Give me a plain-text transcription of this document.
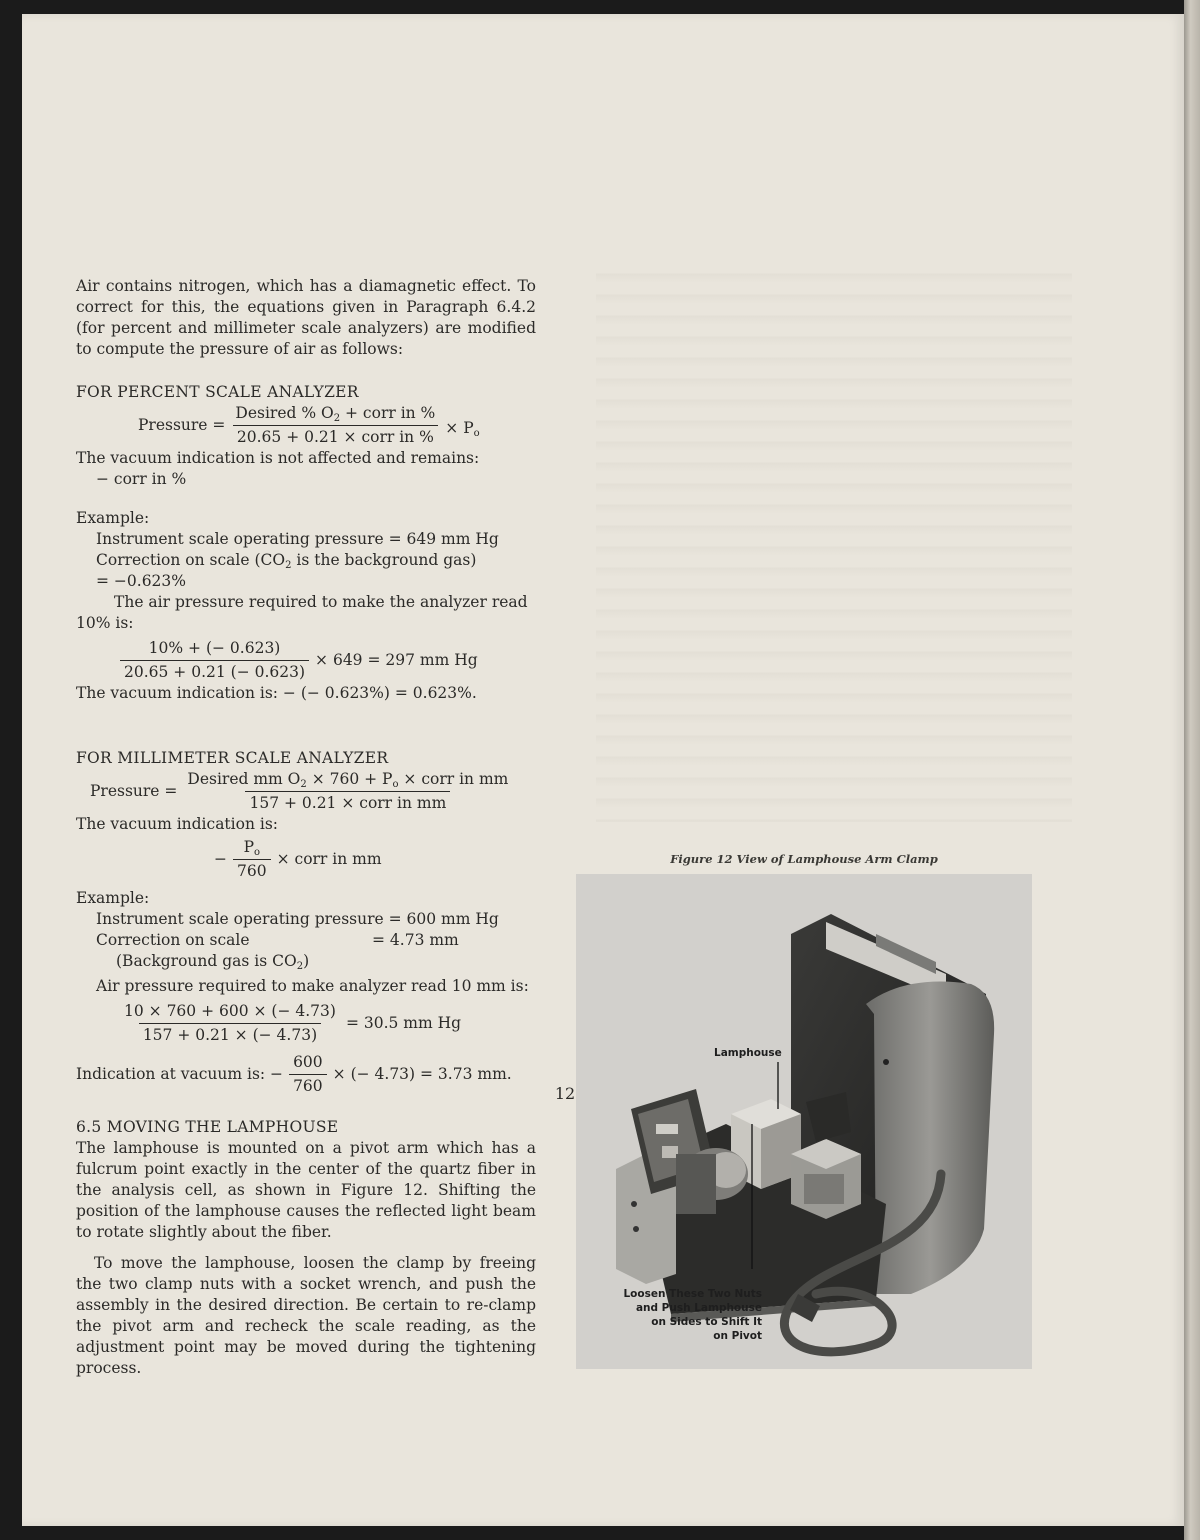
Air contains nitrogen, which has a diamagnetic effect. To correct for this, the equations given in Paragraph 6.4.2 (for percent and millimeter scale analyzers) are modified to compute the pressure of air as follows:

FOR PERCENT SCALE ANALYZER

Pressure = $\frac{Desired \% O_2 + corr in \%}{\text{20.65 + 0.21 × corr in \%}} \times P_o$

The vacuum indication is not affected and remains:

− corr in %

Example:

Instrument scale operating pressure = 649 mm Hg

Correction on scale ($CO_2$ is the background gas)

= −0.623%

The air pressure required to make the analyzer read

10% is:

$\frac{10\% + (- 0.623)}{20.65 + 0.21 (- 0.623)} \times 649 = 297$ mm Hg

The vacuum indication is: − (− 0.623%) = 0.623%.

FOR MILLIMETER SCALE ANALYZER

Pressure = $\frac{Desired mm O_2 \times 760 + P_o \times corr in mm}{\text{157 + 0.21 × corr in mm}}$

The vacuum indication is:

− $\frac{P_o}{760}$ × corr in mm

Example:

Instrument scale operating pressure = 600 mm Hg

Correction on scale	= 4.73 mm

(Background gas is $CO_2$)

Air pressure required to make analyzer read 10 mm is:

$\frac{10 \times 760 + 600 \times (- 4.73)}{157 + 0.21 \times (- 4.73)} = 30.5$ mm Hg
Indication at vacuum is: − $\frac{600}{760}$ × (− 4.73) = 3.73 mm.

6.5 MOVING THE LAMPHOUSE

The lamphouse is mounted on a pivot arm which has a fulcrum point exactly in the center of the quartz fiber in the analysis cell, as shown in Figure 12. Shifting the position of the lamphouse causes the reflected light beam to rotate slightly about the fiber.

To move the lamphouse, loosen the clamp by freeing the two clamp nuts with a socket wrench, and push the assembly in the desired direction. Be certain to re-clamp the pivot arm and recheck the scale reading, as the adjustment point may be moved during the tightening process.

Figure 12 View of Lamphouse Arm Clamp
Lamphouse
Loosen These Two Nuts
and Push Lamphouse
on Sides to Shift It
on Pivot
12
